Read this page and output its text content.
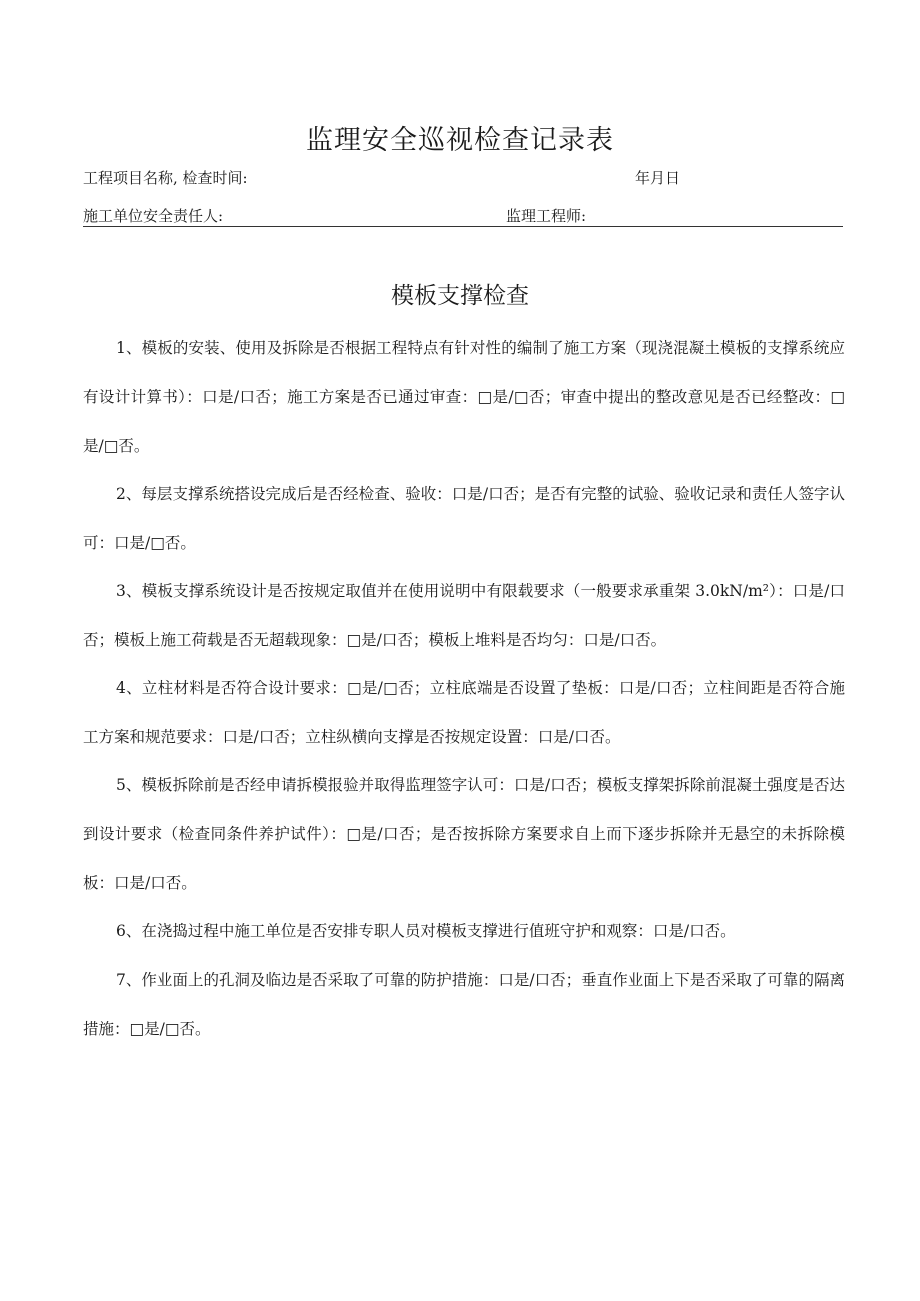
监理安全巡视检查记录表
工程项目名称, 检查时间:	年月日
施工单位安全责任人:	监理工程师:
模板支撑检查

1、模板的安装、使用及拆除是否根据工程特点有针对性的编制了施工方案（现浇混凝土模板的支撑系统应有设计计算书）：口是/口否；施工方案是否已通过审查：□是/□否；审查中提出的整改意见是否已经整改：□是/□否。

2、每层支撑系统搭设完成后是否经检查、验收：口是/口否；是否有完整的试验、验收记录和责任人签字认可：口是/□否。

3、模板支撑系统设计是否按规定取值并在使用说明中有限载要求（一般要求承重架 3.0kN/m²）：口是/口否；模板上施工荷载是否无超载现象：□是/口否；模板上堆料是否均匀：口是/口否。

4、立柱材料是否符合设计要求：□是/□否；立柱底端是否设置了垫板：口是/口否；立柱间距是否符合施工方案和规范要求：口是/口否；立柱纵横向支撑是否按规定设置：口是/口否。

5、模板拆除前是否经申请拆模报验并取得监理签字认可：口是/口否；模板支撑架拆除前混凝土强度是否达到设计要求（检查同条件养护试件）：□是/口否；是否按拆除方案要求自上而下逐步拆除并无悬空的未拆除模板：口是/口否。

6、在浇捣过程中施工单位是否安排专职人员对模板支撑进行值班守护和观察：口是/口否。

7、作业面上的孔洞及临边是否采取了可靠的防护措施：口是/口否；垂直作业面上下是否采取了可靠的隔离措施：□是/□否。
